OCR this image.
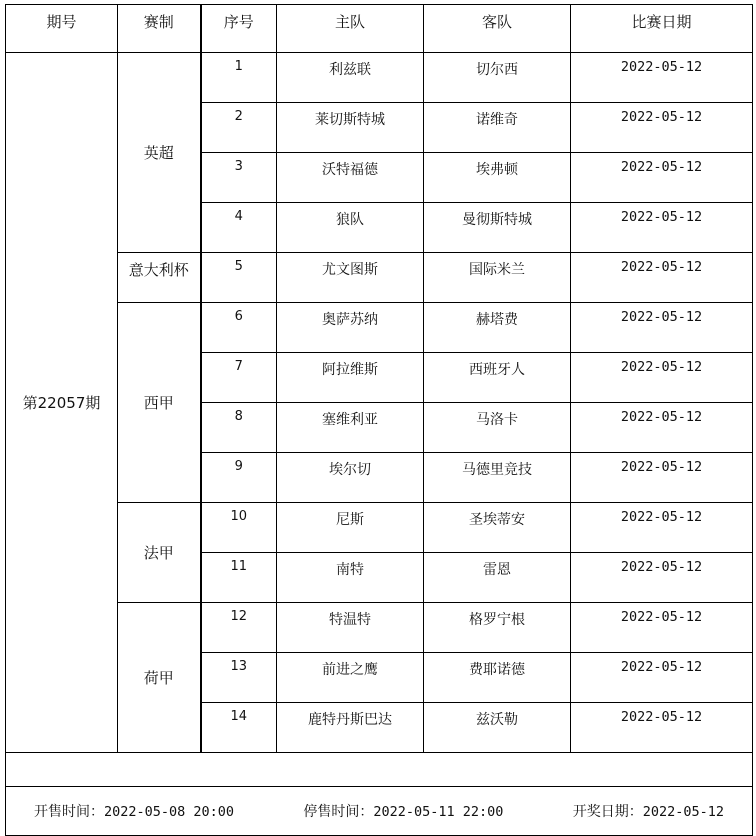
期号	赛制	序号	主队	客队	比赛日期
第22057期	英超	1	利兹联	切尔西	2022-05-12
		2	莱切斯特城	诺维奇	2022-05-12
		3	沃特福德	埃弗顿	2022-05-12
		4	狼队	曼彻斯特城	2022-05-12
	意大利杯	5	尤文图斯	国际米兰	2022-05-12
	西甲	6	奥萨苏纳	赫塔费	2022-05-12
		7	阿拉维斯	西班牙人	2022-05-12
		8	塞维利亚	马洛卡	2022-05-12
		9	埃尔切	马德里竞技	2022-05-12
	法甲	10	尼斯	圣埃蒂安	2022-05-12
		11	南特	雷恩	2022-05-12
	荷甲	12	特温特	格罗宁根	2022-05-12
		13	前进之鹰	费耶诺德	2022-05-12
		14	鹿特丹斯巴达	兹沃勒	2022-05-12

开售时间：2022-05-08 20:00 停售时间：2022-05-11 22:00 开奖日期：2022-05-12					
